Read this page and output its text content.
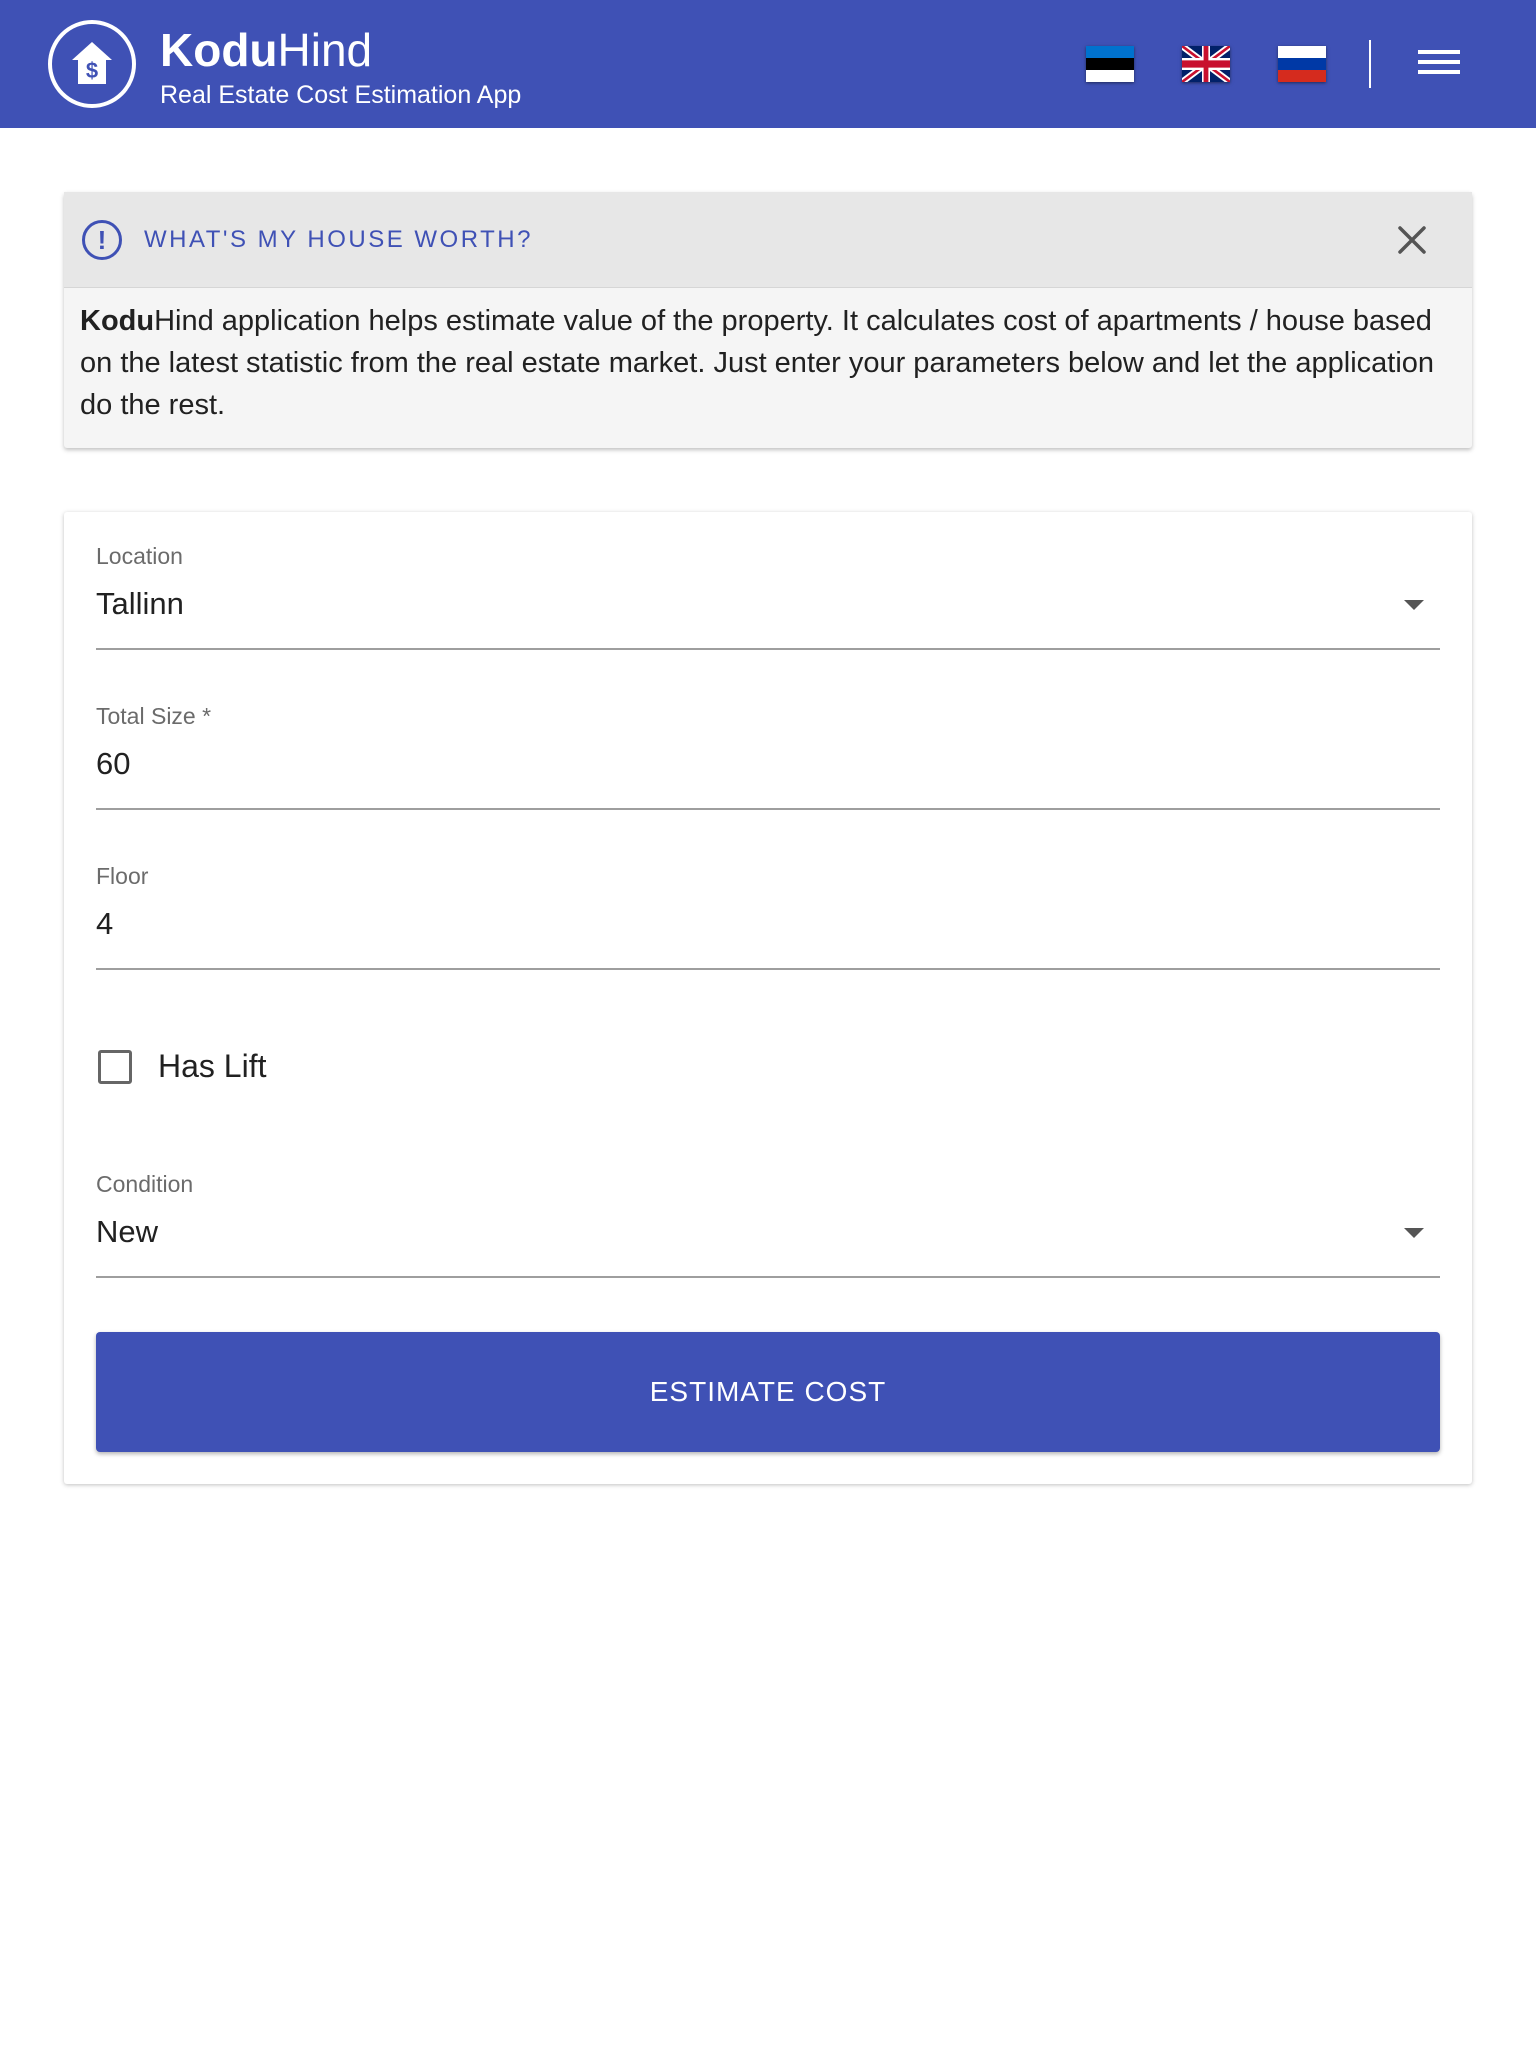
$ KoduHind
Real Estate Cost Estimation App
!	WHAT'S MY HOUSE WORTH?
KoduHind application helps estimate value of the property. It calculates cost of apartments / house based on the latest statistic from the real estate market. Just enter your parameters below and let the application do the rest.
Location
Tallinn
Total Size *
60
Floor
4
Has Lift
Condition
New
ESTIMATE COST
